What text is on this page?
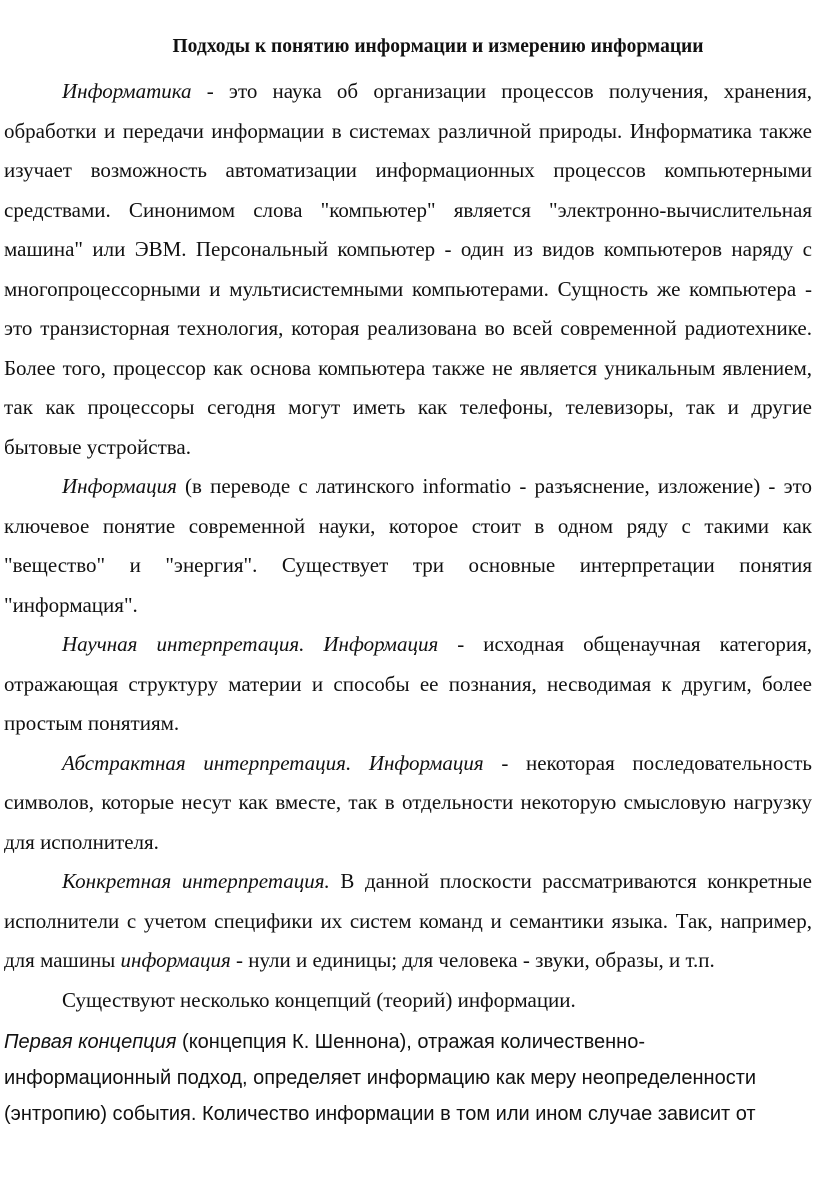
Подходы к понятию информации и измерению информации

Информатика - это наука об организации процессов получения, хранения, обработки и передачи информации в системах различной природы. Информатика также изучает возможность автоматизации информационных процессов компьютерными средствами. Синонимом слова "компьютер" является "электронно-вычислительная машина" или ЭВМ. Персональный компьютер - один из видов компьютеров наряду с многопроцессорными и мультисистемными компьютерами. Сущность же компьютера - это транзисторная технология, которая реализована во всей современной радиотехнике. Более того, процессор как основа компьютера также не является уникальным явлением, так как процессоры сегодня могут иметь как телефоны, телевизоры, так и другие бытовые устройства.

Информация (в переводе с латинского informatio - разъяснение, изложение) - это ключевое понятие современной науки, которое стоит в одном ряду с такими как "вещество" и "энергия". Существует три основные интерпретации понятия "информация".

Научная интерпретация. Информация - исходная общенаучная категория, отражающая структуру материи и способы ее познания, несводимая к другим, более простым понятиям.

Абстрактная интерпретация. Информация - некоторая последовательность символов, которые несут как вместе, так в отдельности некоторую смысловую нагрузку для исполнителя.

Конкретная интерпретация. В данной плоскости рассматриваются конкретные исполнители с учетом специфики их систем команд и семантики языка. Так, например, для машины информация - нули и единицы; для человека - звуки, образы, и т.п.

Существуют несколько концепций (теорий) информации.

Первая концепция (концепция К. Шеннона), отражая количественно-информационный подход, определяет информацию как меру неопределенности (энтропию) события. Количество информации в том или ином случае зависит от
